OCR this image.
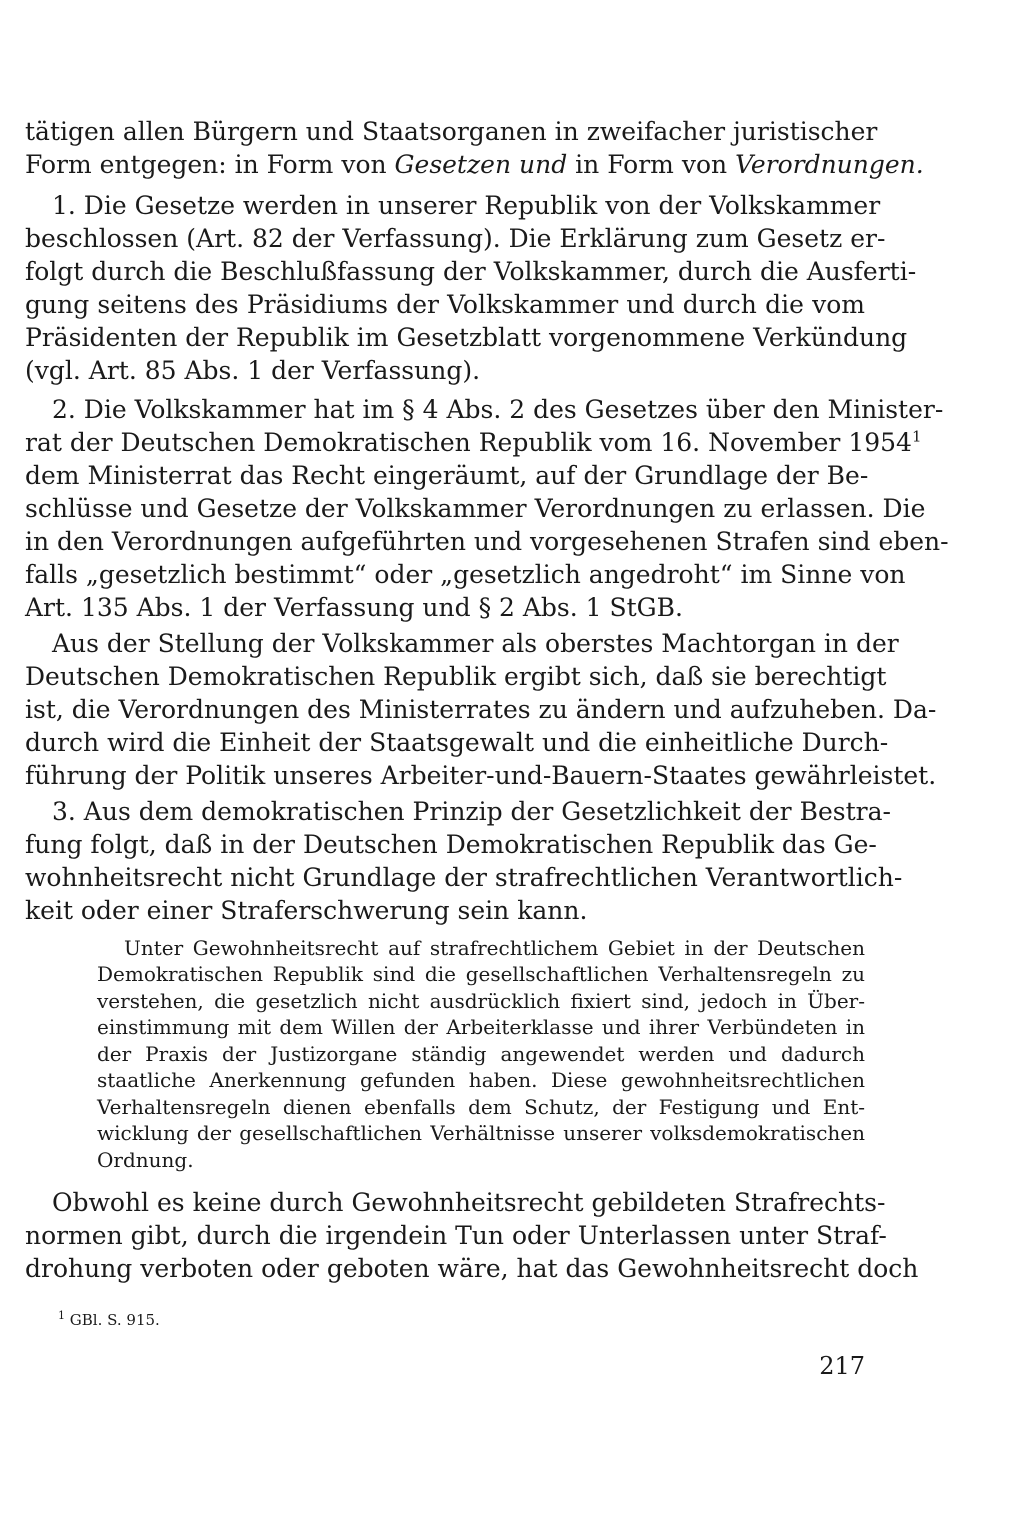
tätigen allen Bürgern und Staatsorganen in zweifacher juristischer
Form entgegen: in Form von Gesetzen und in Form von Verordnungen.
1. Die Gesetze werden in unserer Republik von der Volkskammer
beschlossen (Art. 82 der Verfassung). Die Erklärung zum Gesetz er-
folgt durch die Beschlußfassung der Volkskammer, durch die Ausferti-
gung seitens des Präsidiums der Volkskammer und durch die vom
Präsidenten der Republik im Gesetzblatt vorgenommene Verkündung
(vgl. Art. 85 Abs. 1 der Verfassung).
2. Die Volkskammer hat im § 4 Abs. 2 des Gesetzes über den Minister-
rat der Deutschen Demokratischen Republik vom 16. November 1954$^1$
dem Ministerrat das Recht eingeräumt, auf der Grundlage der Be-
schlüsse und Gesetze der Volkskammer Verordnungen zu erlassen. Die
in den Verordnungen aufgeführten und vorgesehenen Strafen sind eben-
falls „gesetzlich bestimmt“ oder „gesetzlich angedroht“ im Sinne von
Art. 135 Abs. 1 der Verfassung und § 2 Abs. 1 StGB.
Aus der Stellung der Volkskammer als oberstes Machtorgan in der
Deutschen Demokratischen Republik ergibt sich, daß sie berechtigt
ist, die Verordnungen des Ministerrates zu ändern und aufzuheben. Da-
durch wird die Einheit der Staatsgewalt und die einheitliche Durch-
führung der Politik unseres Arbeiter-und-Bauern-Staates gewährleistet.
3. Aus dem demokratischen Prinzip der Gesetzlichkeit der Bestra-
fung folgt, daß in der Deutschen Demokratischen Republik das Ge-
wohnheitsrecht nicht Grundlage der strafrechtlichen Verantwortlich-
keit oder einer Straferschwerung sein kann.
Unter Gewohnheitsrecht auf strafrechtlichem Gebiet in der Deutschen
Demokratischen Republik sind die gesellschaftlichen Verhaltensregeln zu
verstehen, die gesetzlich nicht ausdrücklich fixiert sind, jedoch in Über-
einstimmung mit dem Willen der Arbeiterklasse und ihrer Verbündeten in
der Praxis der Justizorgane ständig angewendet werden und dadurch
staatliche Anerkennung gefunden haben. Diese gewohnheitsrechtlichen
Verhaltensregeln dienen ebenfalls dem Schutz, der Festigung und Ent-
wicklung der gesellschaftlichen Verhältnisse unserer volksdemokratischen
Ordnung.
Obwohl es keine durch Gewohnheitsrecht gebildeten Strafrechts-
normen gibt, durch die irgendein Tun oder Unterlassen unter Straf-
drohung verboten oder geboten wäre, hat das Gewohnheitsrecht doch
$^1$ GBl. S. 915.
217
